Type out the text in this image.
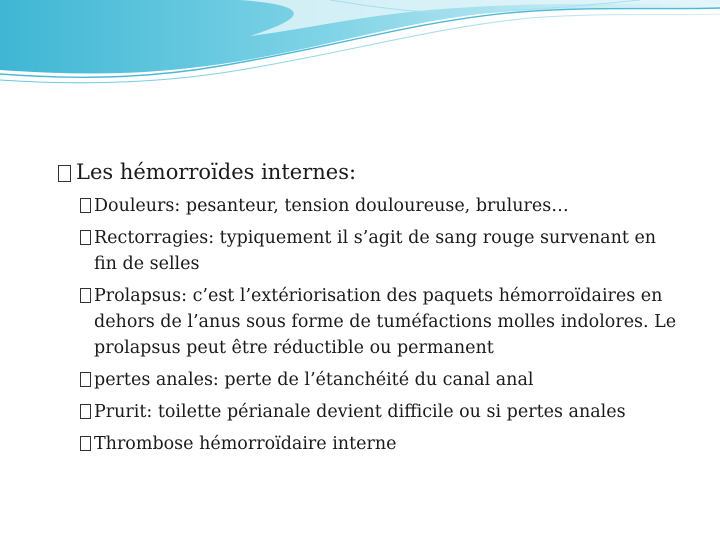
Les hémorroïdes internes:
Douleurs: pesanteur, tension douloureuse, brulures…
Rectorragies: typiquement il s’agit de sang rouge survenant en fin de selles
Prolapsus: c’est l’extériorisation des paquets hémorroïdaires en dehors de l’anus sous forme de tuméfactions molles indolores. Le prolapsus peut être réductible ou permanent
pertes anales: perte de l’étanchéité du canal anal
Prurit: toilette périanale devient difficile ou si pertes anales
Thrombose hémorroïdaire interne
